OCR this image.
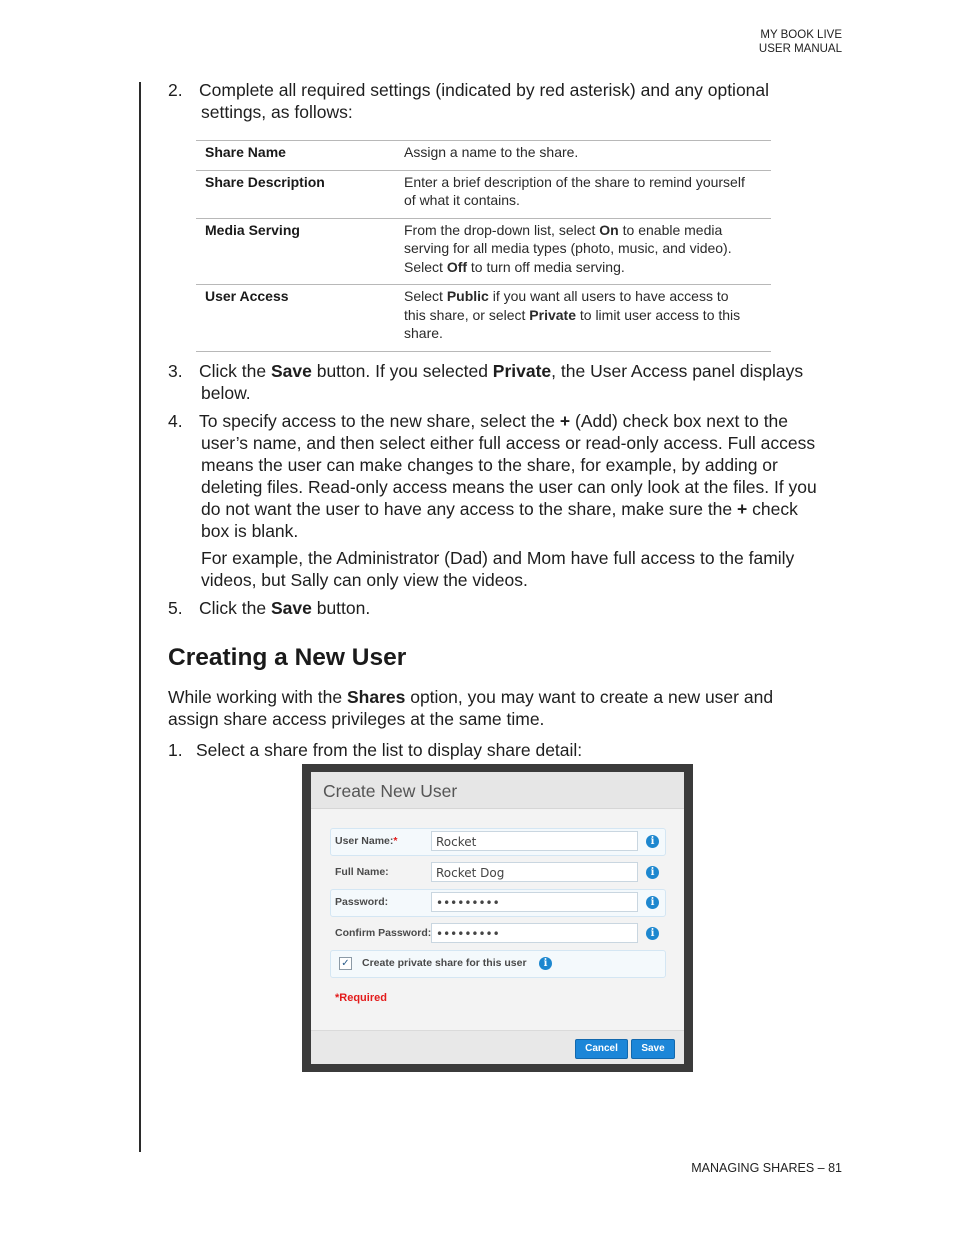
MY BOOK LIVE
USER MANUAL
2. Complete all required settings (indicated by red asterisk) and any optional
settings, as follows:
Share Name	Assign a name to the share.

Share Description	Enter a brief description of the share to remind yourself
of what it contains.

Media Serving	From the drop-down list, select On to enable media
serving for all media types (photo, music, and video).
Select Off to turn off media serving.

User Access	Select Public if you want all users to have access to
this share, or select Private to limit user access to this
share.
3. Click the Save button. If you selected Private, the User Access panel displays
below.
4. To specify access to the new share, select the + (Add) check box next to the
user’s name, and then select either full access or read-only access. Full access
means the user can make changes to the share, for example, by adding or
deleting files. Read-only access means the user can only look at the files. If you
do not want the user to have any access to the share, make sure the + check
box is blank.
For example, the Administrator (Dad) and Mom have full access to the family
videos, but Sally can only view the videos.
5. Click the Save button.
Creating a New User
While working with the Shares option, you may want to create a new user and
assign share access privileges at the same time.
1. Select a share from the list to display share detail:
Create New User
User Name:*	Rocket	i
Full Name:	Rocket Dog	i
Password:	•••••••••	i
Confirm Password: •••••••••	i
✓ Create private share for this user	i
*Required
Cancel	Save
MANAGING SHARES – 81
